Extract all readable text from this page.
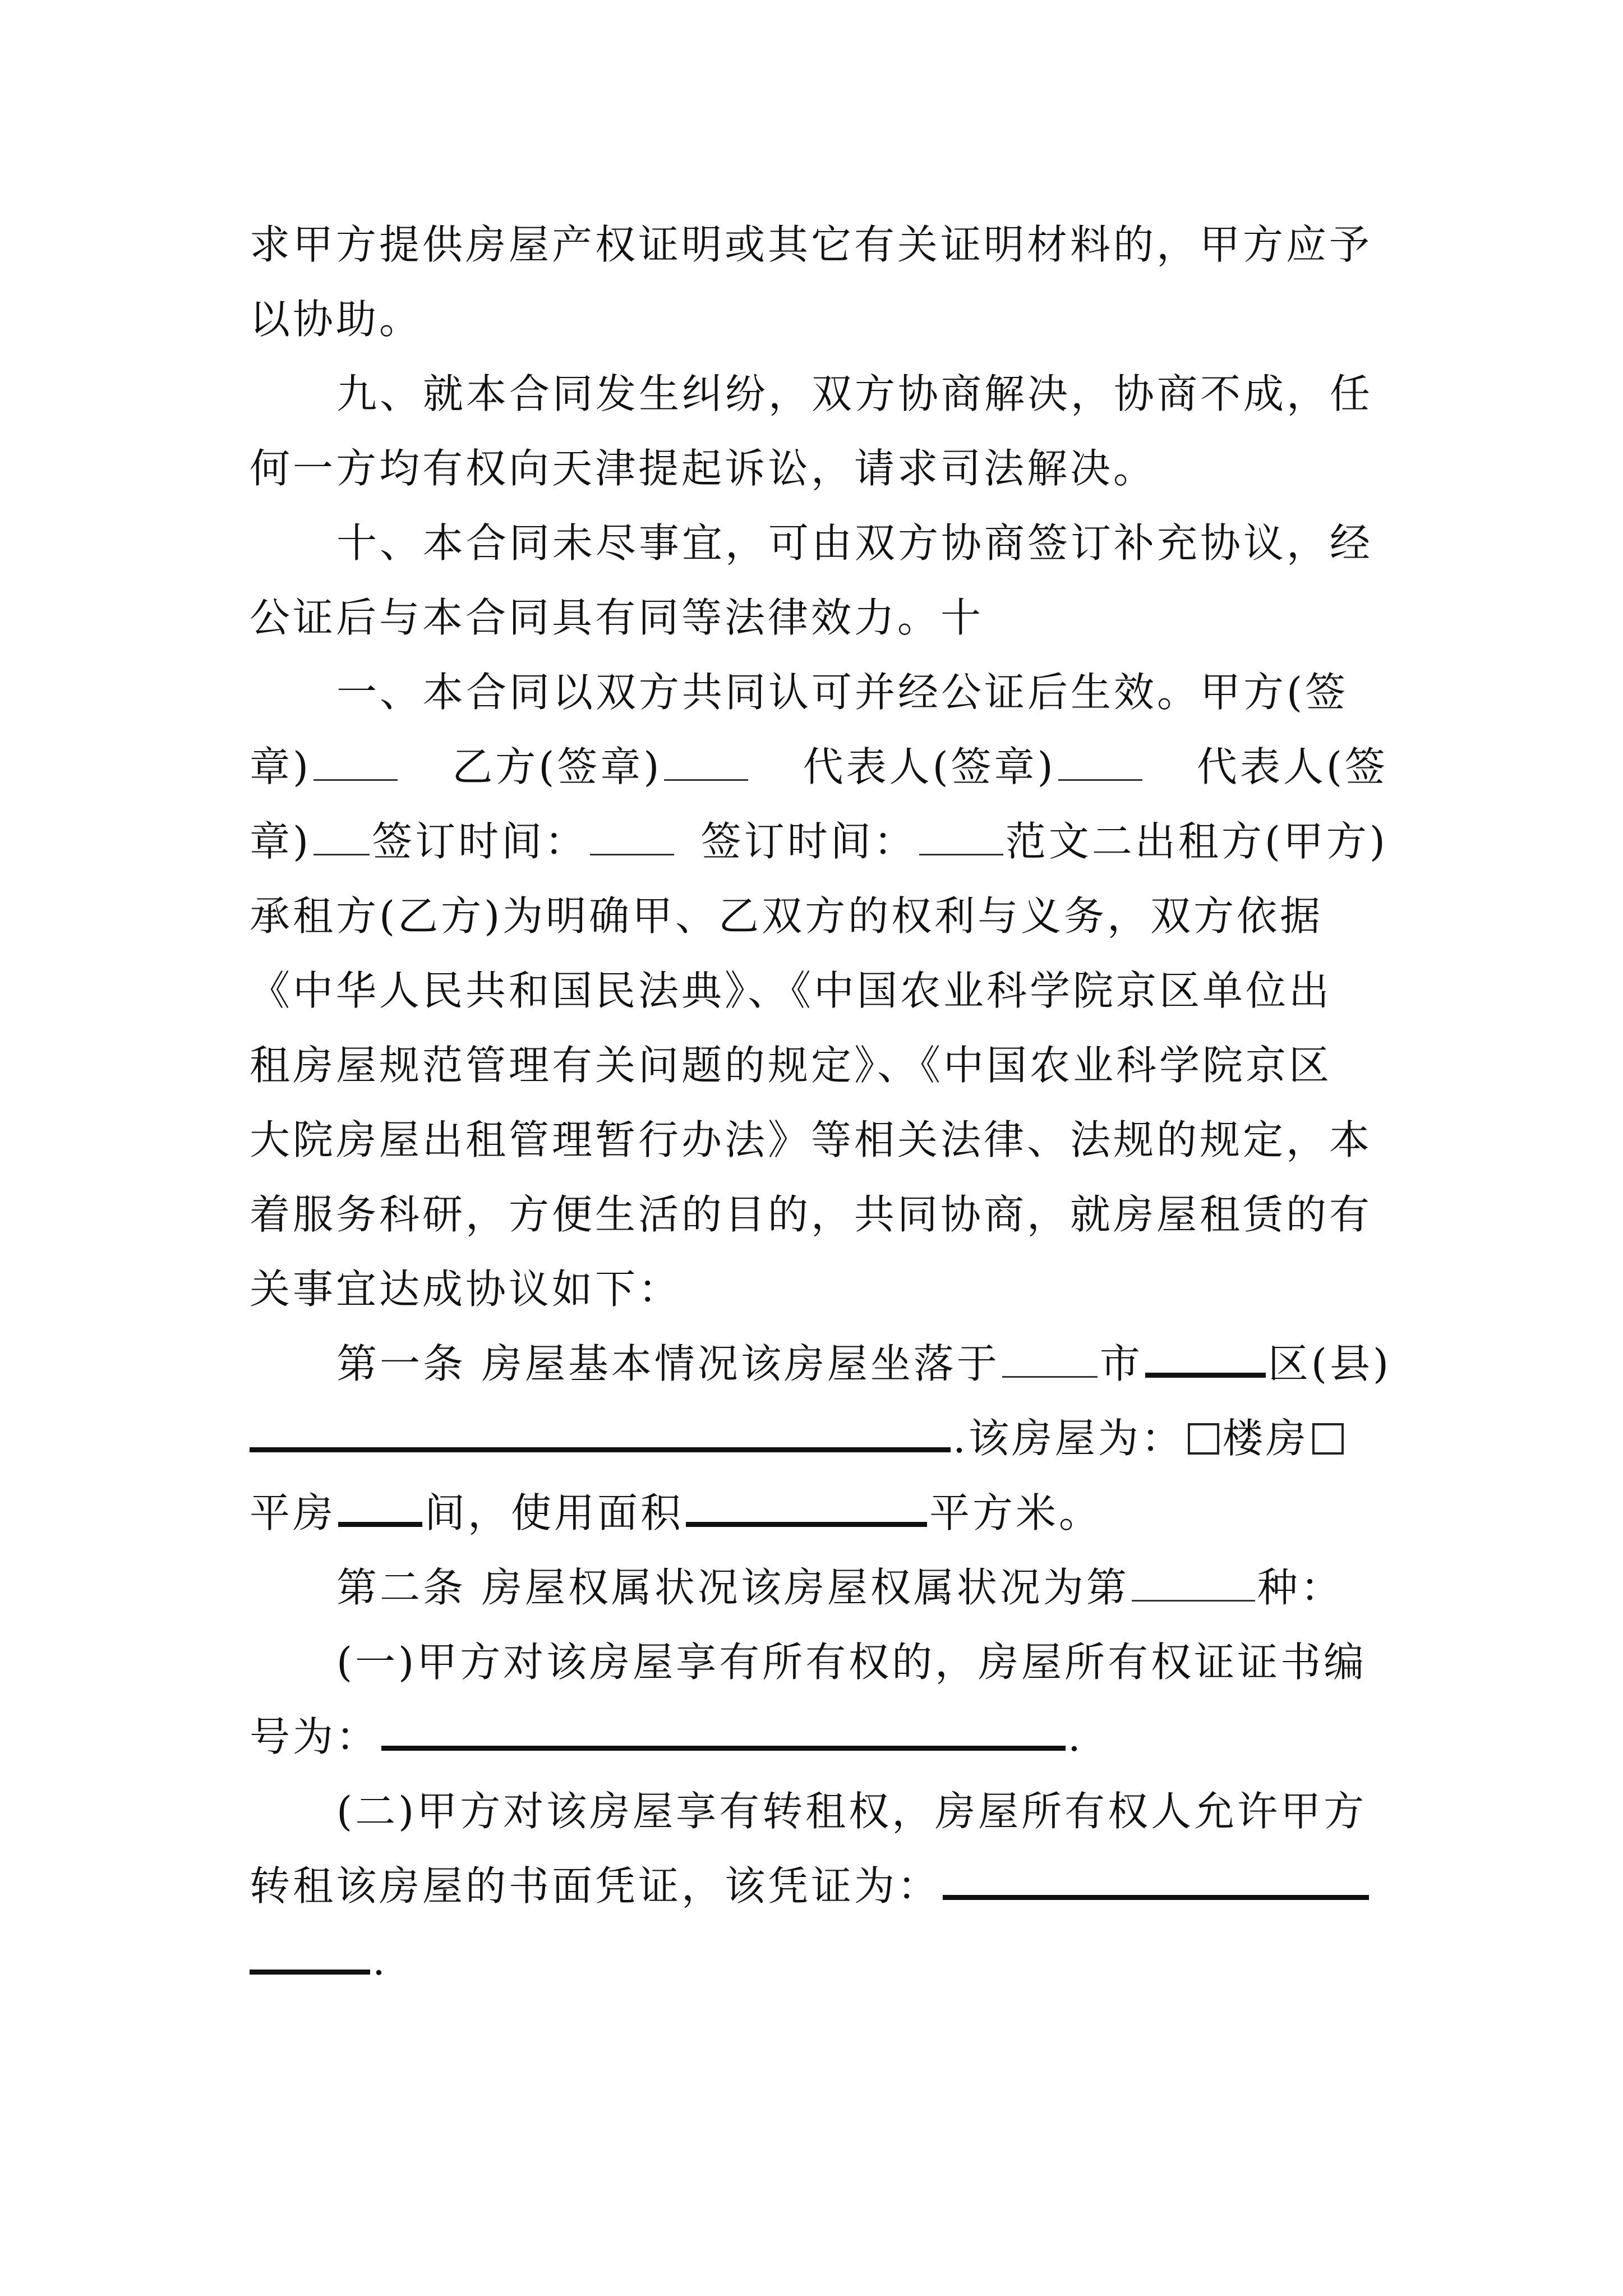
求甲方提供房屋产权证明或其它有关证明材料的，甲方应予
以协助。
九、就本合同发生纠纷，双方协商解决，协商不成，任
何一方均有权向天津提起诉讼，请求司法解决。
十、本合同未尽事宜，可由双方协商签订补充协议，经
公证后与本合同具有同等法律效力。十
一、本合同以双方共同认可并经公证后生效。甲方(签
章)	乙方(签章)	代表人(签章)	代表人(签
章) 签订时间：	签订时间： 范文二出租方(甲方)
承租方(乙方)为明确甲、乙双方的权利与义务，双方依据
《中华人民共和国民法典》、《中国农业科学院京区单位出
租房屋规范管理有关问题的规定》、《中国农业科学院京区
大院房屋出租管理暂行办法》等相关法律、法规的规定，本
着服务科研，方便生活的目的，共同协商，就房屋租赁的有
关事宜达成协议如下：
第一条 房屋基本情况该房屋坐落于 市	区(县)
.该房屋为： 楼房
平房 间，使用面积	平方米。
第二条 房屋权属状况该房屋权属状况为第	种：
(一)甲方对该房屋享有所有权的，房屋所有权证证书编
号为：	.
(二)甲方对该房屋享有转租权，房屋所有权人允许甲方
转租该房屋的书面凭证，该凭证为：
.
